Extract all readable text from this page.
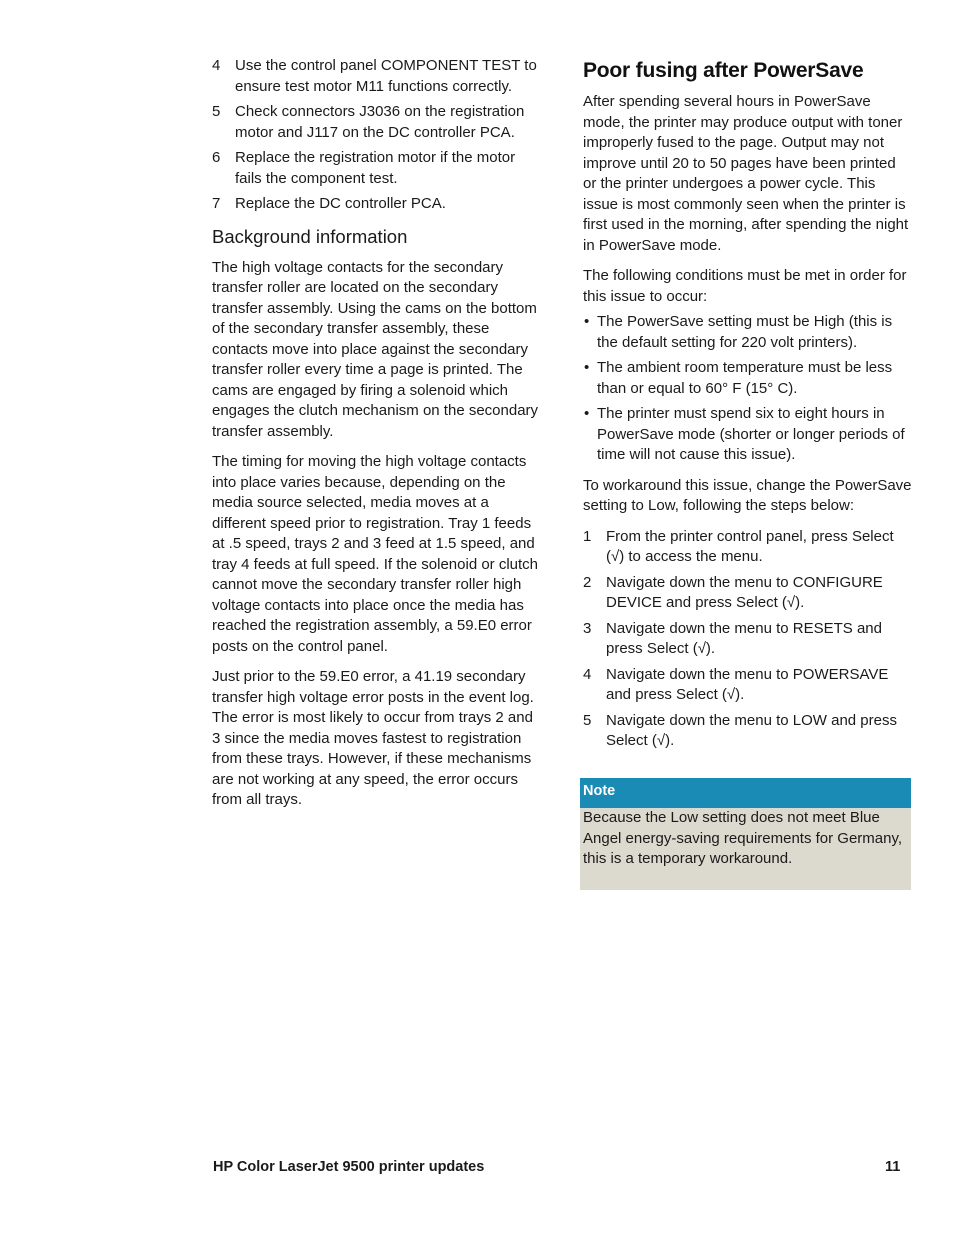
4 Use the control panel COMPONENT TEST to ensure test motor M11 functions correctly.
5 Check connectors J3036 on the registration motor and J117 on the DC controller PCA.
6 Replace the registration motor if the motor fails the component test.
7 Replace the DC controller PCA.
Background information

The high voltage contacts for the secondary transfer roller are located on the secondary transfer assembly. Using the cams on the bottom of the secondary transfer assembly, these contacts move into place against the secondary transfer roller every time a page is printed. The cams are engaged by firing a solenoid which engages the clutch mechanism on the secondary transfer assembly.

The timing for moving the high voltage contacts into place varies because, depending on the media source selected, media moves at a different speed prior to registration. Tray 1 feeds at .5 speed, trays 2 and 3 feed at 1.5 speed, and tray 4 feeds at full speed. If the solenoid or clutch cannot move the secondary transfer roller high voltage contacts into place once the media has reached the registration assembly, a 59.E0 error posts on the control panel.

Just prior to the 59.E0 error, a 41.19 secondary transfer high voltage error posts in the event log. The error is most likely to occur from trays 2 and 3 since the media moves fastest to registration from these trays. However, if these mechanisms are not working at any speed, the error occurs from all trays.

Poor fusing after PowerSave

After spending several hours in PowerSave mode, the printer may produce output with toner improperly fused to the page. Output may not improve until 20 to 50 pages have been printed or the printer undergoes a power cycle. This issue is most commonly seen when the printer is first used in the morning, after spending the night in PowerSave mode.

The following conditions must be met in order for this issue to occur:

• The PowerSave setting must be High (this is the default setting for 220 volt printers).
• The ambient room temperature must be less than or equal to 60° F (15° C).
• The printer must spend six to eight hours in PowerSave mode (shorter or longer periods of time will not cause this issue).

To workaround this issue, change the PowerSave setting to Low, following the steps below:

1 From the printer control panel, press Select (√) to access the menu.
2 Navigate down the menu to CONFIGURE DEVICE and press Select (√).
3 Navigate down the menu to RESETS and press Select (√).
4 Navigate down the menu to POWERSAVE and press Select (√).
5 Navigate down the menu to LOW and press Select (√).
Note
Because the Low setting does not meet Blue Angel energy-saving requirements for Germany, this is a temporary workaround.
HP Color LaserJet 9500 printer updates	11
